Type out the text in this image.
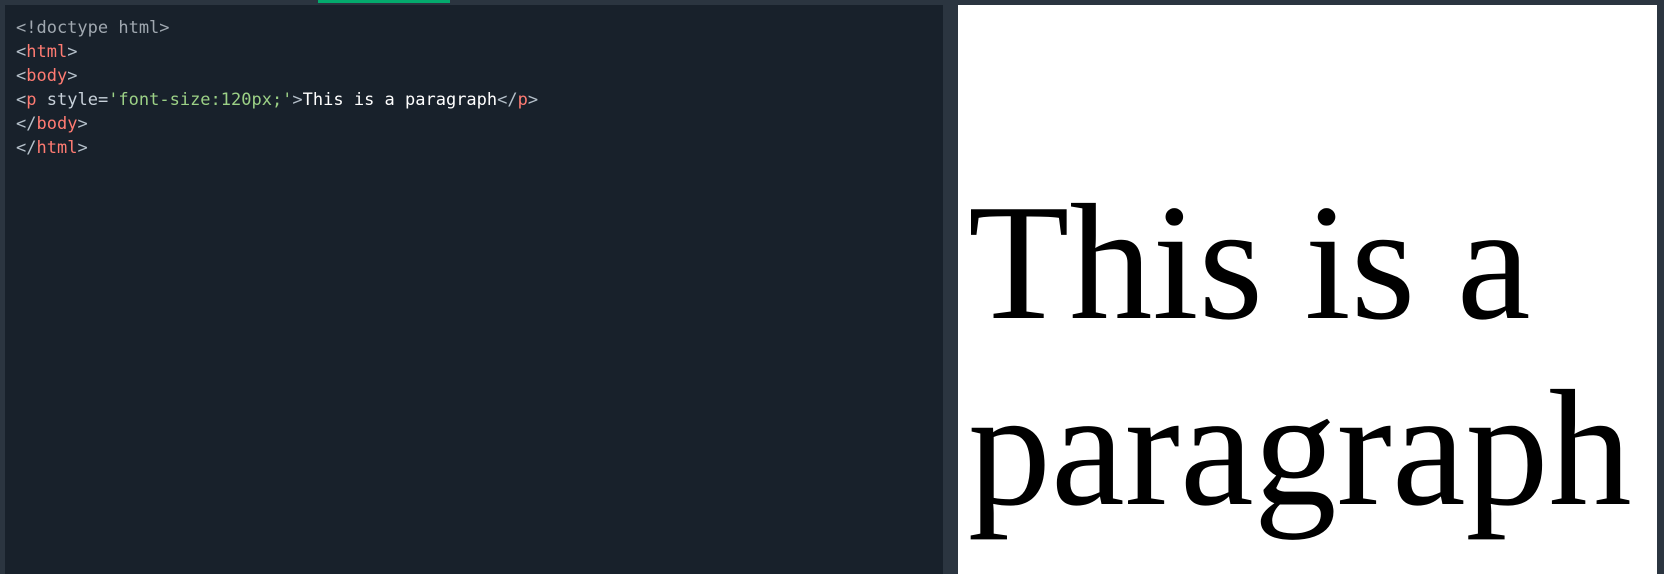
<!doctype html>
<html>
<body>
<p style='font-size:120px;'>This is a paragraph</p>
</body>
</html>

This is a paragraph
